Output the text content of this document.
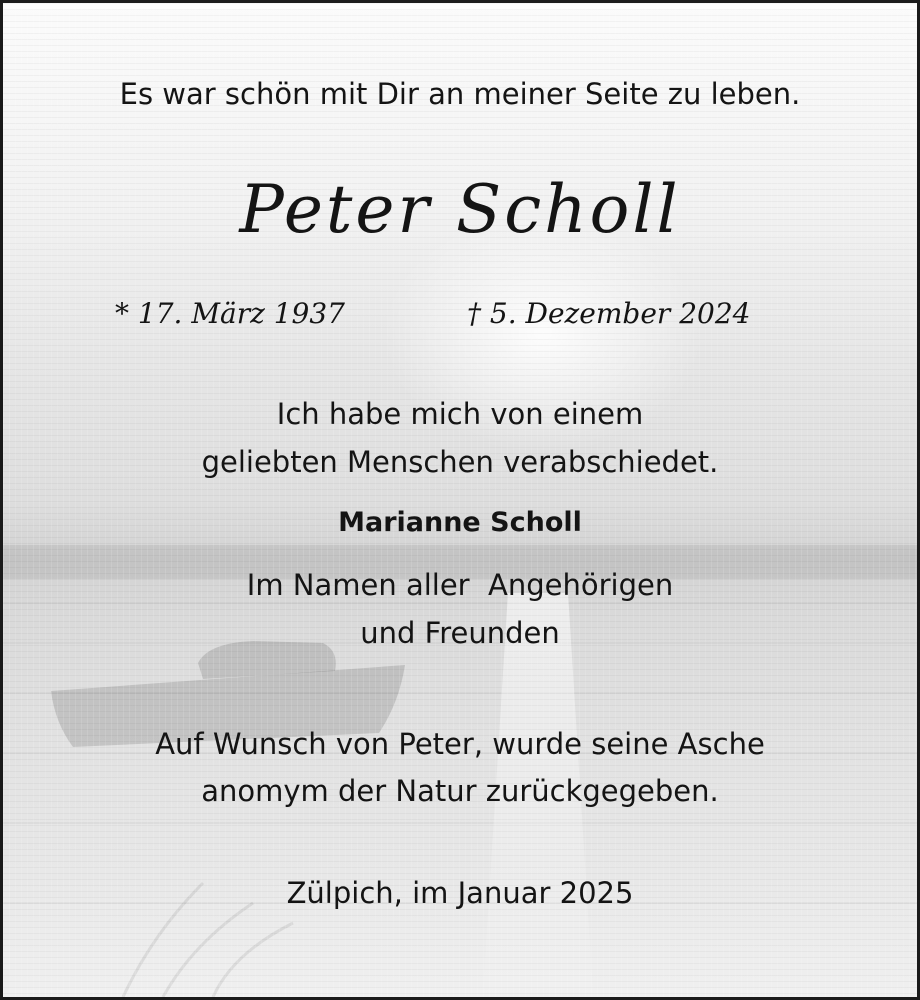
Es war schön mit Dir an meiner Seite zu leben.
Peter Scholl
* 17. März 1937	† 5. Dezember 2024
Ich habe mich von einem
geliebten Menschen verabschiedet.
Marianne Scholl
Im Namen aller  Angehörigen
und Freunden
Auf Wunsch von Peter, wurde seine Asche
anomym der Natur zurückgegeben.
Zülpich, im Januar 2025
